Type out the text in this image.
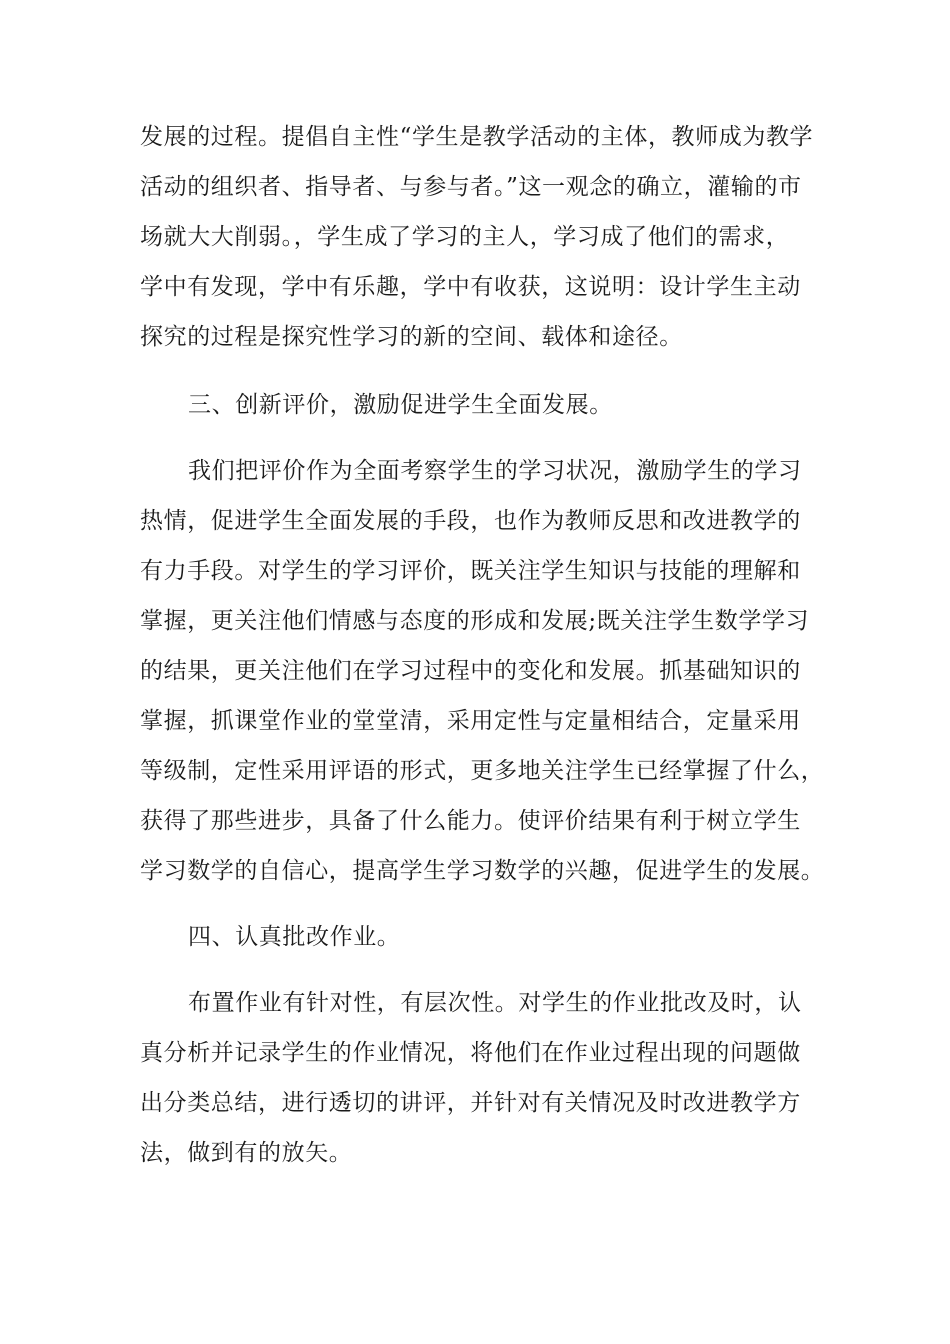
发展的过程。提倡自主性“学生是教学活动的主体，教师成为教学
活动的组织者、指导者、与参与者。”这一观念的确立，灌输的市
场就大大削弱。，学生成了学习的主人，学习成了他们的需求，
学中有发现，学中有乐趣，学中有收获，这说明：设计学生主动
探究的过程是探究性学习的新的空间、载体和途径。
三、创新评价，激励促进学生全面发展。
我们把评价作为全面考察学生的学习状况，激励学生的学习
热情，促进学生全面发展的手段，也作为教师反思和改进教学的
有力手段。对学生的学习评价，既关注学生知识与技能的理解和
掌握，更关注他们情感与态度的形成和发展;既关注学生数学学习
的结果，更关注他们在学习过程中的变化和发展。抓基础知识的
掌握，抓课堂作业的堂堂清，采用定性与定量相结合，定量采用
等级制，定性采用评语的形式，更多地关注学生已经掌握了什么，
获得了那些进步，具备了什么能力。使评价结果有利于树立学生
学习数学的自信心，提高学生学习数学的兴趣，促进学生的发展。
四、认真批改作业。
布置作业有针对性，有层次性。对学生的作业批改及时，认
真分析并记录学生的作业情况，将他们在作业过程出现的问题做
出分类总结，进行透切的讲评，并针对有关情况及时改进教学方
法，做到有的放矢。
